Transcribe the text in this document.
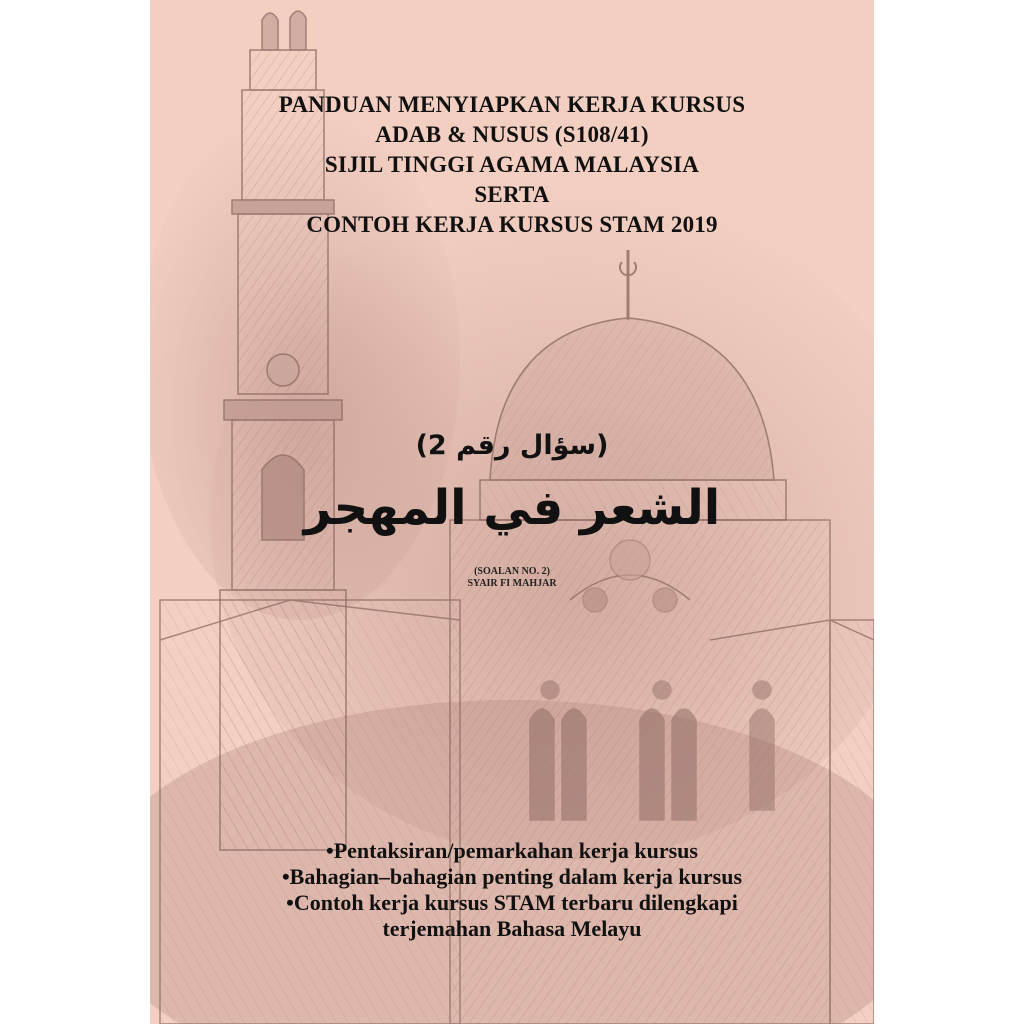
PANDUAN MENYIAPKAN KERJA KURSUS
ADAB & NUSUS (S108/41)
SIJIL TINGGI AGAMA MALAYSIA
SERTA
CONTOH KERJA KURSUS STAM 2019
(سؤال رقم 2)
الشعر في المهجر
(SOALAN NO. 2)
SYAIR FI MAHJAR
•Pentaksiran/pemarkahan kerja kursus
•Bahagian–bahagian penting dalam kerja kursus
•Contoh kerja kursus STAM terbaru dilengkapi
terjemahan Bahasa Melayu
